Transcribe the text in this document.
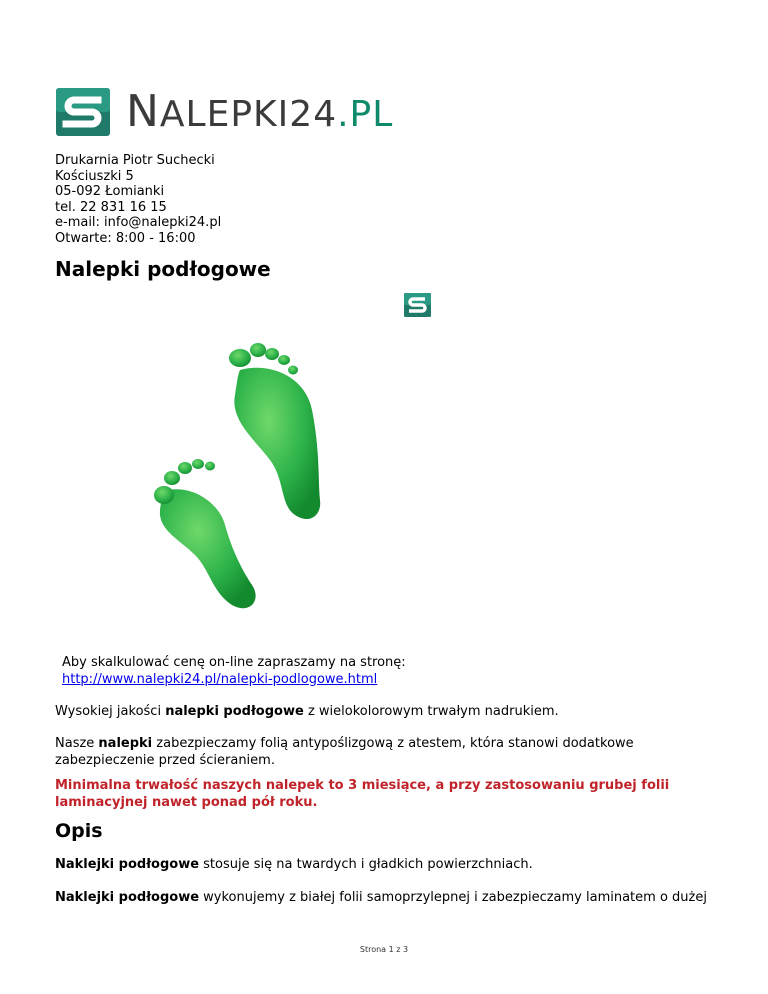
NALEPKI24.PL
Drukarnia Piotr Suchecki
Kościuszki 5
05-092 Łomianki
tel. 22 831 16 15
e-mail: info@nalepki24.pl
Otwarte: 8:00 - 16:00
Nalepki podłogowe
Aby skalkulować cenę on-line zapraszamy na stronę:
http://www.nalepki24.pl/nalepki-podlogowe.html
Wysokiej jakości nalepki podłogowe z wielokolorowym trwałym nadrukiem.
Nasze nalepki zabezpieczamy folią antypoślizgową z atestem, która stanowi dodatkowe
zabezpieczenie przed ścieraniem.
Minimalna trwałość naszych nalepek to 3 miesiące, a przy zastosowaniu grubej folii
laminacyjnej nawet ponad pół roku.
Opis
Naklejki podłogowe stosuje się na twardych i gładkich powierzchniach.
Naklejki podłogowe wykonujemy z białej folii samoprzylepnej i zabezpieczamy laminatem o dużej
Strona 1 z 3
